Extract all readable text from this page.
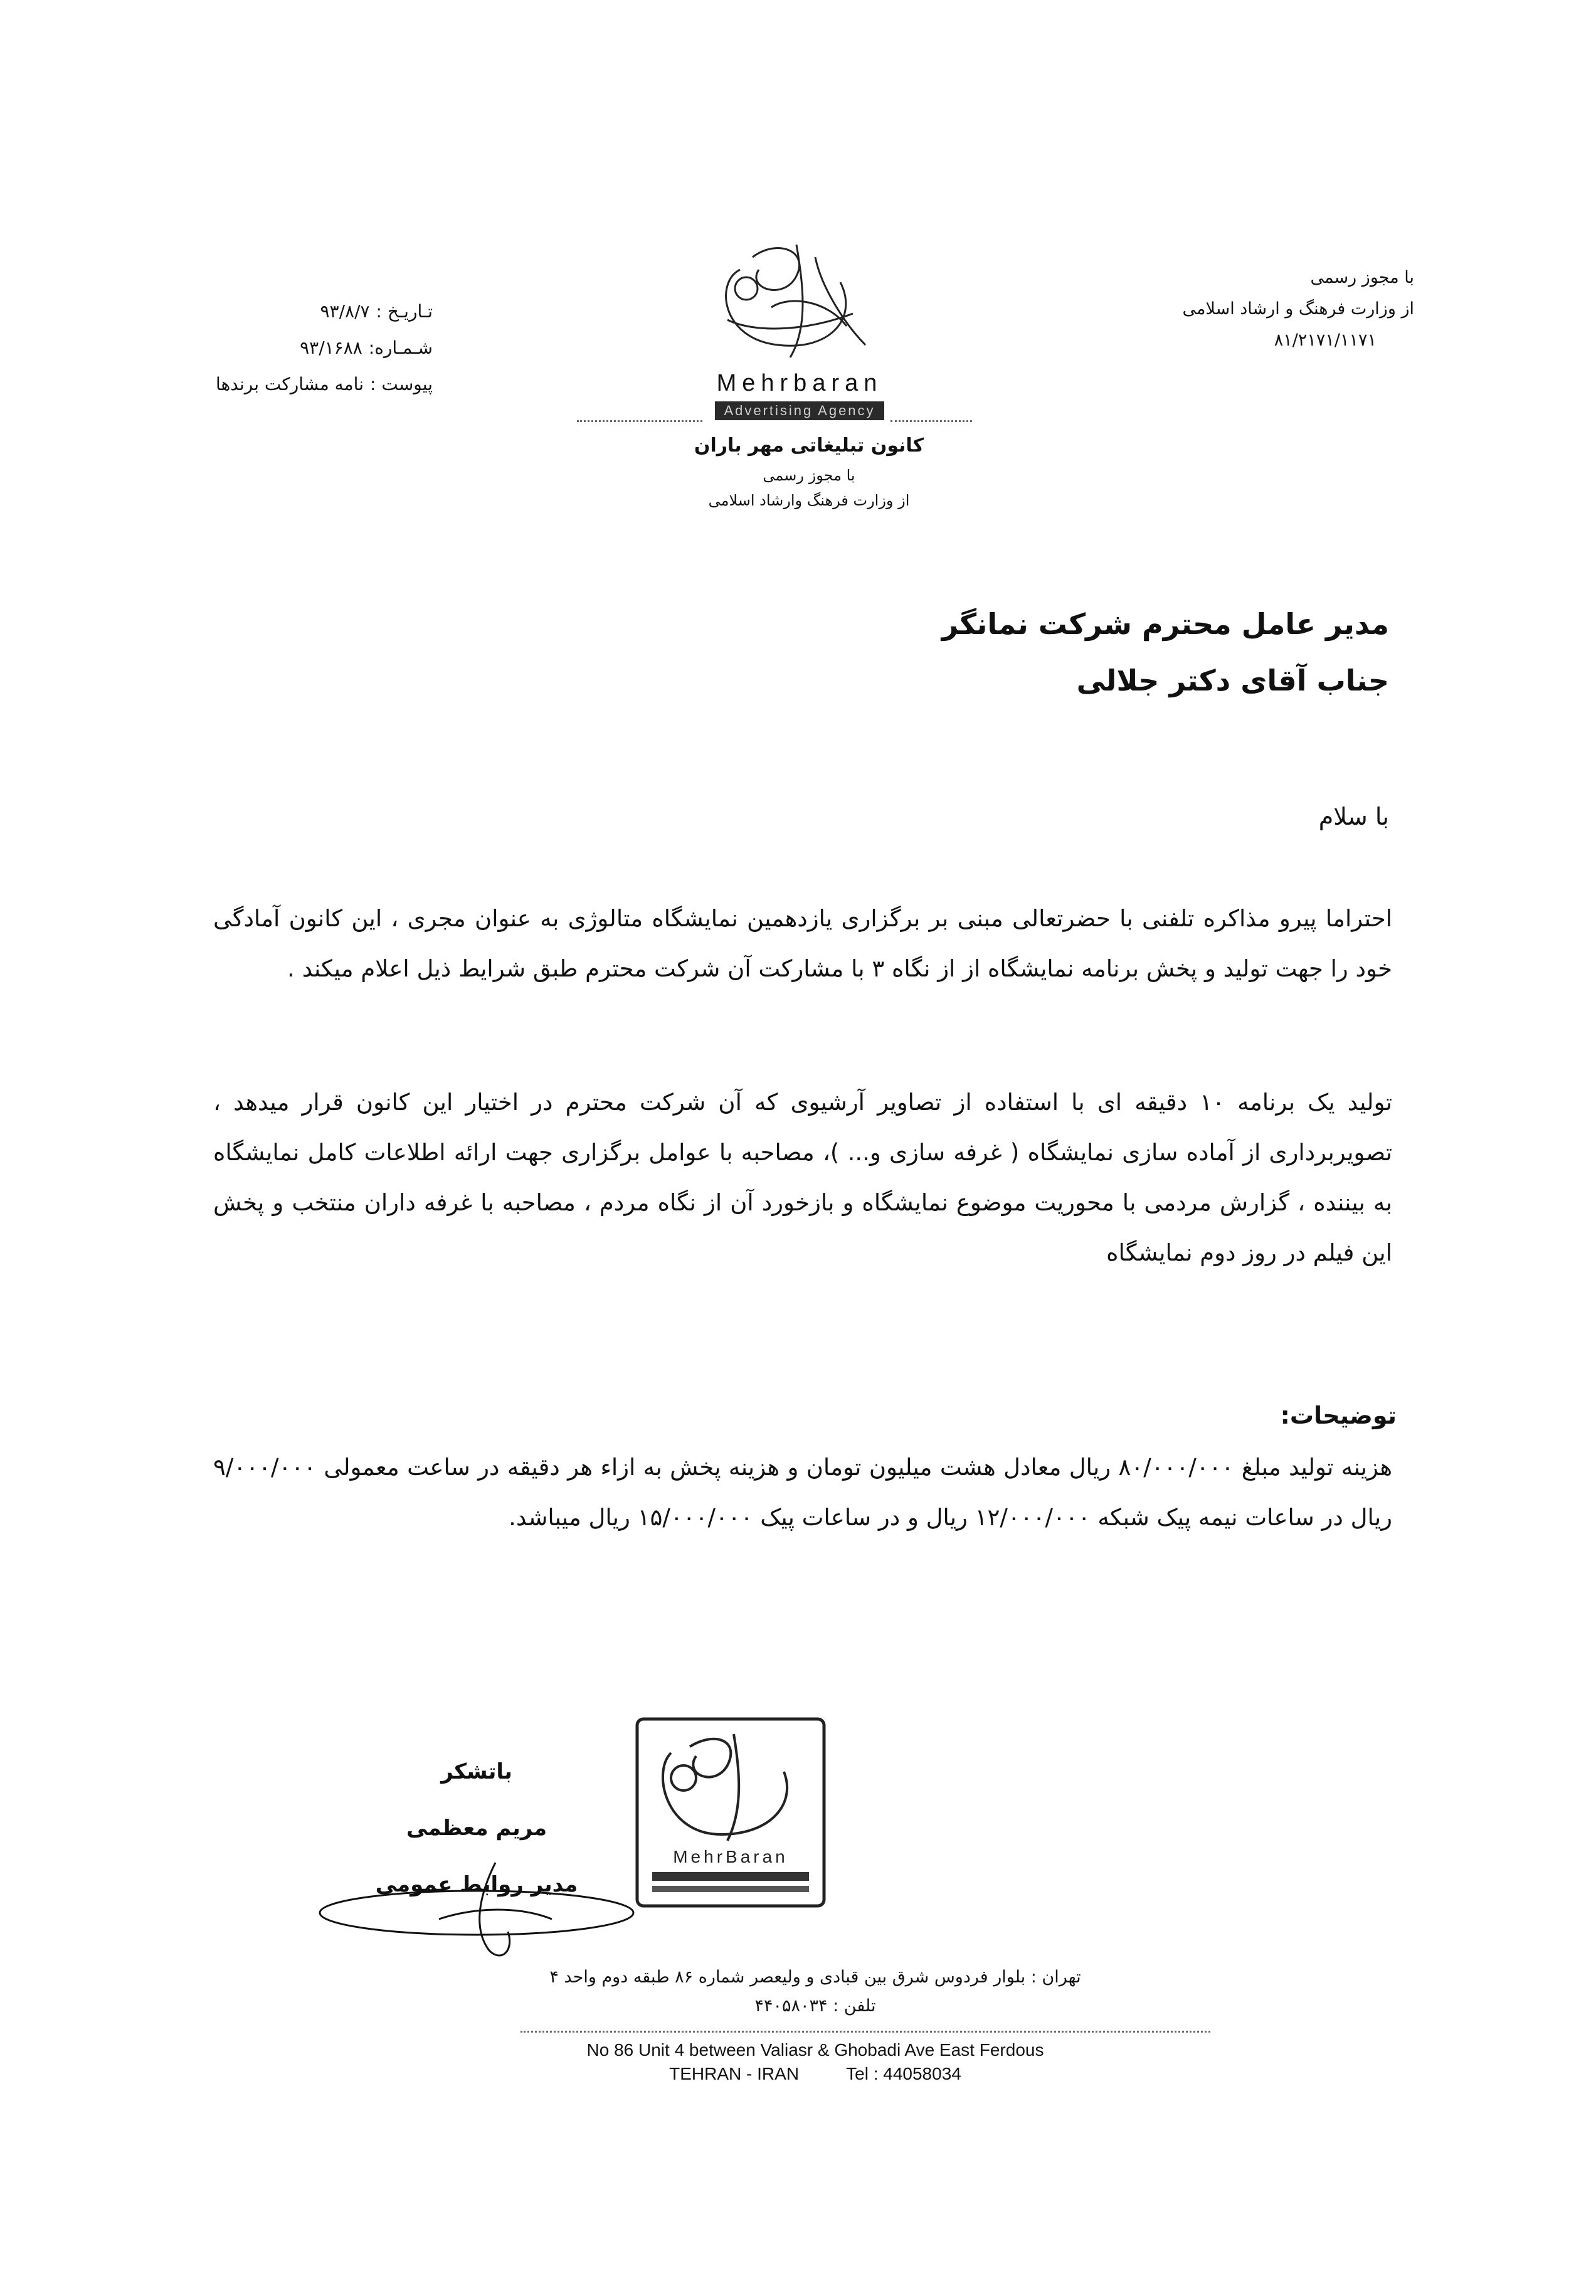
با مجوز رسمی
از وزارت فرهنگ و ارشاد اسلامی
۸۱/۲۱۷۱/۱۱۷۱
تـاریـخ :
۹۳/۸/۷
شـمـاره:
۹۳/۱۶۸۸
پیوست :
نامه مشارکت برندها	Mehrbaran
Advertising Agency
کانون تبلیغاتی مهر باران
با مجوز رسمی
از وزارت فرهنگ وارشاد اسلامی
مدیر عامل محترم شرکت نمانگر
جناب آقای دکتر جلالی
با سلام
احتراما پیرو مذاکره تلفنی با حضرتعالی مبنی بر برگزاری یازدهمین نمایشگاه متالوژی به عنوان مجری ، این کانون آمادگی خود را جهت تولید و پخش برنامه نمایشگاه از از نگاه ۳ با مشارکت آن شرکت محترم طبق شرایط ذیل اعلام میکند .
تولید یک برنامه ۱۰ دقیقه ای با استفاده از تصاویر آرشیوی که آن شرکت محترم در اختیار این کانون قرار میدهد ، تصویربرداری از آماده سازی نمایشگاه ( غرفه سازی و... )، مصاحبه با عوامل برگزاری جهت ارائه اطلاعات کامل نمایشگاه به بیننده ، گزارش مردمی با محوریت موضوع نمایشگاه و بازخورد آن از نگاه مردم ، مصاحبه با غرفه داران منتخب و پخش این فیلم در روز دوم نمایشگاه
توضیحات:
هزینه تولید مبلغ ۸۰/۰۰۰/۰۰۰ ریال معادل هشت میلیون تومان و هزینه پخش به ازاء هر دقیقه در ساعت معمولی ۹/۰۰۰/۰۰۰ ریال در ساعات نیمه پیک شبکه ۱۲/۰۰۰/۰۰۰ ریال و در ساعات پیک ۱۵/۰۰۰/۰۰۰ ریال میباشد.
باتشکر
مریم معظمی
مدیر روابط عمومی
MehrBaran
تهران : بلوار فردوس شرق بین قبادی و ولیعصر شماره ۸۶ طبقه دوم واحد ۴
تلفن : ۴۴۰۵۸۰۳۴
No 86 Unit 4 between Valiasr & Ghobadi Ave East Ferdous
TEHRAN - IRAN	Tel : 44058034
